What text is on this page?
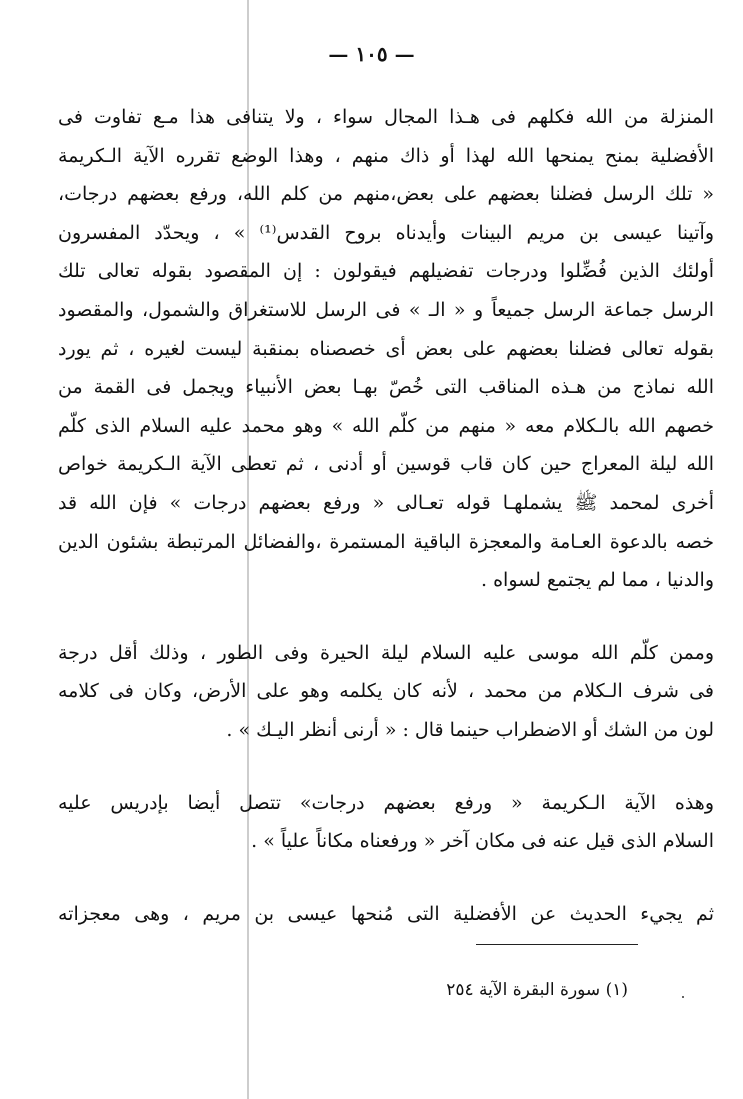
— ١٠٥ —

المنزلة من الله فكلهم فى هـذا المجال سواء ، ولا يتنافى هذا مـع تفاوت فى
الأفضلية بمنح يمنحها الله لهذا أو ذاك منهم ، وهذا الوضع تقرره الآية الـكريمة
« تلك الرسل فضلنا بعضهم على بعض،منهم من كلم الله، ورفع بعضهم درجات،
وآتينا عيسى بن مريم البينات وأيدناه بروح القدس⁽¹⁾ » ، ويحدّد المفسرون
أولئك الذين فُضِّلوا ودرجات تفضيلهم فيقولون : إن المقصود بقوله تعالى تلك
الرسل جماعة الرسل جميعاً و « الـ » فى الرسل للاستغراق والشمول، والمقصود
بقوله تعالى فضلنا بعضهم على بعض أى خصصناه بمنقبة ليست لغيره ، ثم يورد
الله نماذج من هـذه المناقب التى خُصّ بهـا بعض الأنبياء ويجمل فى القمة من
خصهم الله بالـكلام معه « منهم من كلّم الله » وهو محمد عليه السلام الذى كلّم
الله ليلة المعراج حين كان قاب قوسين أو أدنى ، ثم تعطى الآية الـكريمة خواص
أخرى لمحمد ﷺ يشملهـا قوله تعـالى « ورفع بعضهم درجات » فإن الله قد
خصه بالدعوة العـامة والمعجزة الباقية المستمرة ،والفضائل المرتبطة بشئون الدين
والدنيا ، مما لم يجتمع لسواه .

وممن كلّم الله موسى عليه السلام ليلة الحيرة وفى الطور ، وذلك أقل درجة
فى شرف الـكلام من محمد ، لأنه كان يكلمه وهو على الأرض، وكان فى كلامه
لون من الشك أو الاضطراب حينما قال : « أرنى أنظر اليـك » .

وهذه الآية الـكريمة « ورفع بعضهم درجات» تتصل أيضا بإدريس عليه
السلام الذى قيل عنه فى مكان آخر « ورفعناه مكاناً علياً » .

ثم يجيء الحديث عن الأفضلية التى مُنحها عيسى بن مريم ، وهى معجزاته

(١) سورة البقرة الآية ٢٥٤
